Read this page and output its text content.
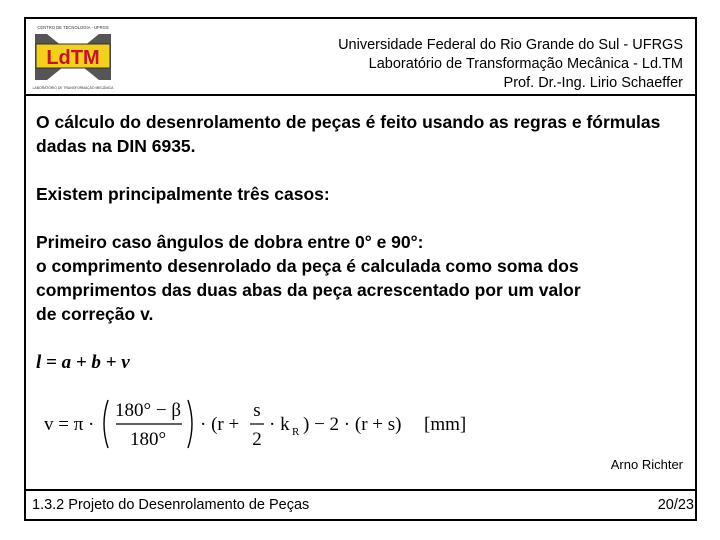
CENTRO DE TECNOLOGIA - UFRGS
LdTM
LABORATÓRIO DE TRANSFORMAÇÃO MECÂNICA
Universidade Federal do Rio Grande do Sul - UFRGS
Laboratório de Transformação Mecânica - Ld.TM
Prof. Dr.-Ing. Lirio Schaeffer
O cálculo do desenrolamento de peças é feito usando as regras e fórmulas dadas na DIN 6935.
Existem principalmente três casos:
Primeiro caso ângulos de dobra entre 0° e 90°:
o comprimento desenrolado da peça é calculada como soma dos
comprimentos das duas abas da peça acrescentado por um valor
de correção v.
l = a + b + v
v = π ·
180° − β
180°
· (r +
s
2
· k R ) − 2 · (r + s) [mm]
Arno Richter
1.3.2 Projeto do Desenrolamento de Peças	20/23
